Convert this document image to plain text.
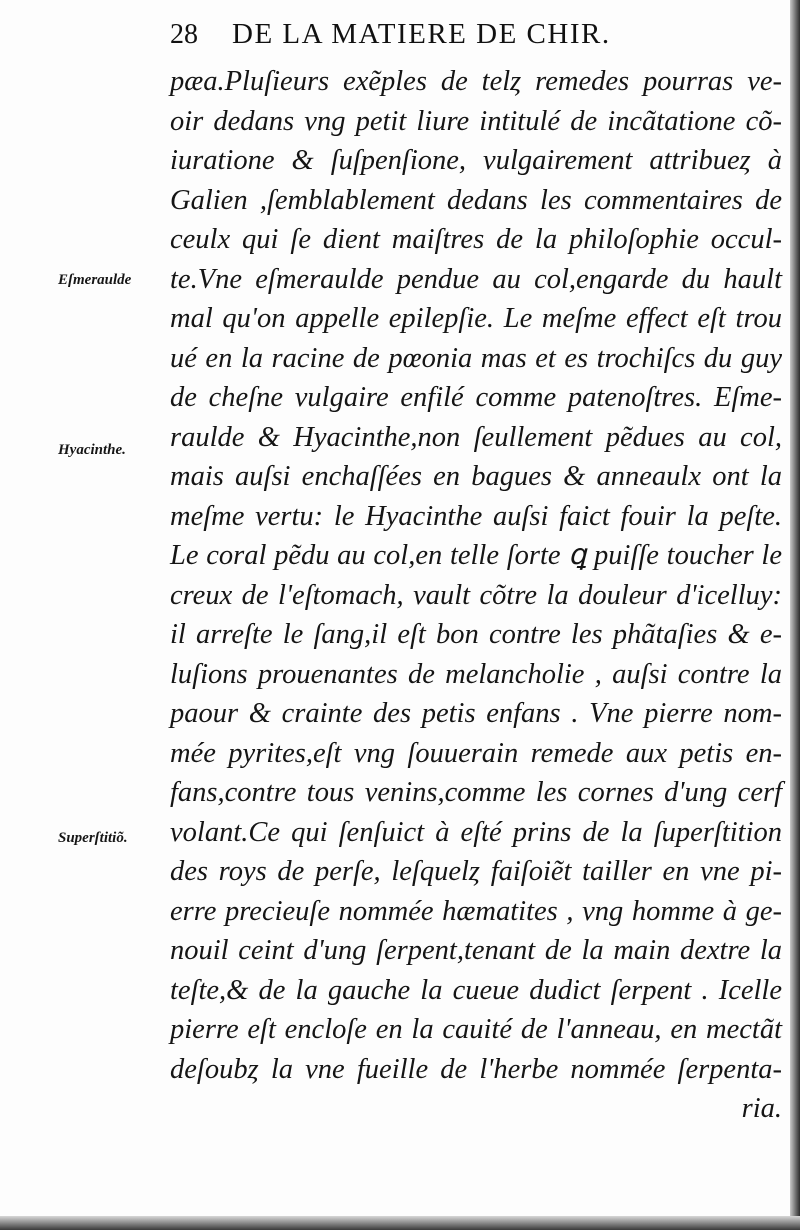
28	DE LA MATIERE DE CHIR.
Eſmeraulde
Hyacinthe.
Superſtitiõ.
pæa.Pluſieurs exẽples de telȥ remedes pourras ve-
oir dedans vng petit liure intitulé de incãtatione cõ-
iuratione & ſuſpenſione, vulgairement attribueȥ à
Galien ,ſemblablement dedans les commentaires de
ceulx qui ſe dient maiſtres de la philoſophie occul-
te.Vne eſmeraulde pendue au col,engarde du hault
mal qu'on appelle epilepſie. Le meſme effect eſt trou
ué en la racine de pœonia mas et es trochiſcs du guy
de cheſne vulgaire enfilé comme patenoſtres. Eſme-
raulde & Hyacinthe,non ſeullement pẽdues au col,
mais auſsi enchaſſées en bagues & anneaulx ont la
meſme vertu: le Hyacinthe auſsi faict fouir la peſte.
Le coral pẽdu au col,en telle ſorte ꝗ puiſſe toucher le
creux de l'eſtomach, vault cõtre la douleur d'icelluy:
il arreſte le ſang,il eſt bon contre les phãtaſies & e-
luſions prouenantes de melancholie , auſsi contre la
paour & crainte des petis enfans . Vne pierre nom-
mée pyrites,eſt vng ſouuerain remede aux petis en-
fans,contre tous venins,comme les cornes d'ung cerf
volant.Ce qui ſenſuict à eſté prins de la ſuperſtition
des roys de perſe, leſquelȥ faiſoiẽt tailler en vne pi-
erre precieuſe nommée hæmatites , vng homme à ge-
nouil ceint d'ung ſerpent,tenant de la main dextre la
teſte,& de la gauche la cueue dudict ſerpent . Icelle
pierre eſt encloſe en la cauité de l'anneau, en mectãt
deſoubȥ la vne fueille de l'herbe nommée ſerpenta-
ria.
